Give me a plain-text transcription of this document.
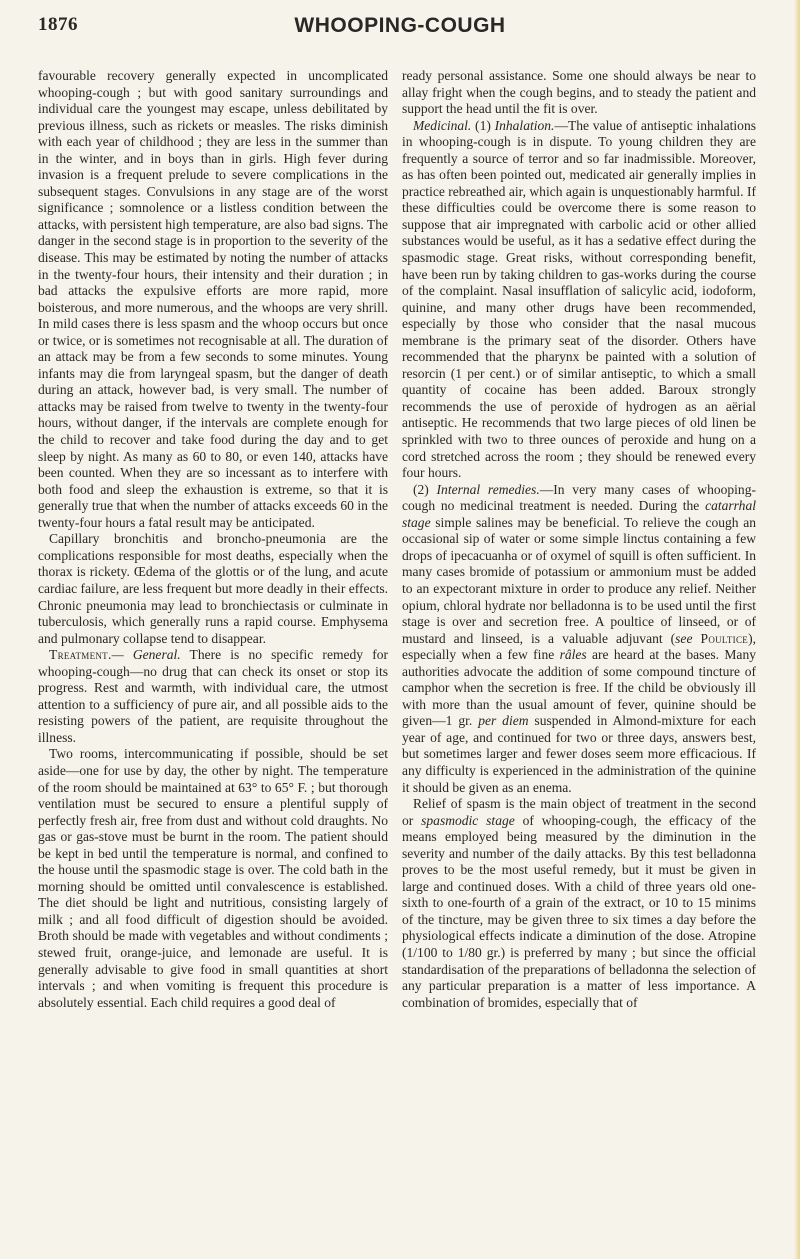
1876	WHOOPING-COUGH

favourable recovery generally expected in uncomplicated whooping-cough ; but with good sanitary surroundings and individual care the youngest may escape, unless debilitated by previous illness, such as rickets or measles. The risks diminish with each year of childhood ; they are less in the summer than in the winter, and in boys than in girls. High fever during invasion is a frequent prelude to severe complications in the subsequent stages. Convulsions in any stage are of the worst significance ; somnolence or a listless condition between the attacks, with persistent high temperature, are also bad signs. The danger in the second stage is in proportion to the severity of the disease. This may be estimated by noting the number of attacks in the twenty-four hours, their intensity and their duration ; in bad attacks the expulsive efforts are more rapid, more boisterous, and more numerous, and the whoops are very shrill. In mild cases there is less spasm and the whoop occurs but once or twice, or is sometimes not recognisable at all. The duration of an attack may be from a few seconds to some minutes. Young infants may die from laryngeal spasm, but the danger of death during an attack, however bad, is very small. The number of attacks may be raised from twelve to twenty in the twenty-four hours, without danger, if the intervals are complete enough for the child to recover and take food during the day and to get sleep by night. As many as 60 to 80, or even 140, attacks have been counted. When they are so incessant as to interfere with both food and sleep the exhaustion is extreme, so that it is generally true that when the number of attacks exceeds 60 in the twenty-four hours a fatal result may be anticipated.

Capillary bronchitis and broncho-pneumonia are the complications responsible for most deaths, especially when the thorax is rickety. Œdema of the glottis or of the lung, and acute cardiac failure, are less frequent but more deadly in their effects. Chronic pneumonia may lead to bronchiectasis or culminate in tuberculosis, which generally runs a rapid course. Emphysema and pulmonary collapse tend to disappear.

Treatment.— General. There is no specific remedy for whooping-cough—no drug that can check its onset or stop its progress. Rest and warmth, with individual care, the utmost attention to a sufficiency of pure air, and all possible aids to the resisting powers of the patient, are requisite throughout the illness.

Two rooms, intercommunicating if possible, should be set aside—one for use by day, the other by night. The temperature of the room should be maintained at 63° to 65° F. ; but thorough ventilation must be secured to ensure a plentiful supply of perfectly fresh air, free from dust and without cold draughts. No gas or gas-stove must be burnt in the room. The patient should be kept in bed until the temperature is normal, and confined to the house until the spasmodic stage is over. The cold bath in the morning should be omitted until convalescence is established. The diet should be light and nutritious, consisting largely of milk ; and all food difficult of digestion should be avoided. Broth should be made with vegetables and without condiments ; stewed fruit, orange-juice, and lemonade are useful. It is generally advisable to give food in small quantities at short intervals ; and when vomiting is frequent this procedure is absolutely essential. Each child requires a good deal of

ready personal assistance. Some one should always be near to allay fright when the cough begins, and to steady the patient and support the head until the fit is over.

Medicinal. (1) Inhalation.—The value of antiseptic inhalations in whooping-cough is in dispute. To young children they are frequently a source of terror and so far inadmissible. Moreover, as has often been pointed out, medicated air generally implies in practice rebreathed air, which again is unquestionably harmful. If these difficulties could be overcome there is some reason to suppose that air impregnated with carbolic acid or other allied substances would be useful, as it has a sedative effect during the spasmodic stage. Great risks, without corresponding benefit, have been run by taking children to gas-works during the course of the complaint. Nasal insufflation of salicylic acid, iodoform, quinine, and many other drugs have been recommended, especially by those who consider that the nasal mucous membrane is the primary seat of the disorder. Others have recommended that the pharynx be painted with a solution of resorcin (1 per cent.) or of similar antiseptic, to which a small quantity of cocaine has been added. Baroux strongly recommends the use of peroxide of hydrogen as an aërial antiseptic. He recommends that two large pieces of old linen be sprinkled with two to three ounces of peroxide and hung on a cord stretched across the room ; they should be renewed every four hours.

(2) Internal remedies.—In very many cases of whooping-cough no medicinal treatment is needed. During the catarrhal stage simple salines may be beneficial. To relieve the cough an occasional sip of water or some simple linctus containing a few drops of ipecacuanha or of oxymel of squill is often sufficient. In many cases bromide of potassium or ammonium must be added to an expectorant mixture in order to produce any relief. Neither opium, chloral hydrate nor belladonna is to be used until the first stage is over and secretion free. A poultice of linseed, or of mustard and linseed, is a valuable adjuvant (see Poultice), especially when a few fine râles are heard at the bases. Many authorities advocate the addition of some compound tincture of camphor when the secretion is free. If the child be obviously ill with more than the usual amount of fever, quinine should be given—1 gr. per diem suspended in Almond-mixture for each year of age, and continued for two or three days, answers best, but sometimes larger and fewer doses seem more efficacious. If any difficulty is experienced in the administration of the quinine it should be given as an enema.

Relief of spasm is the main object of treatment in the second or spasmodic stage of whooping-cough, the efficacy of the means employed being measured by the diminution in the severity and number of the daily attacks. By this test belladonna proves to be the most useful remedy, but it must be given in large and continued doses. With a child of three years old one-sixth to one-fourth of a grain of the extract, or 10 to 15 minims of the tincture, may be given three to six times a day before the physiological effects indicate a diminution of the dose. Atropine (1/100 to 1/80 gr.) is preferred by many ; but since the official standardisation of the preparations of belladonna the selection of any particular preparation is a matter of less importance. A combination of bromides, especially that of
